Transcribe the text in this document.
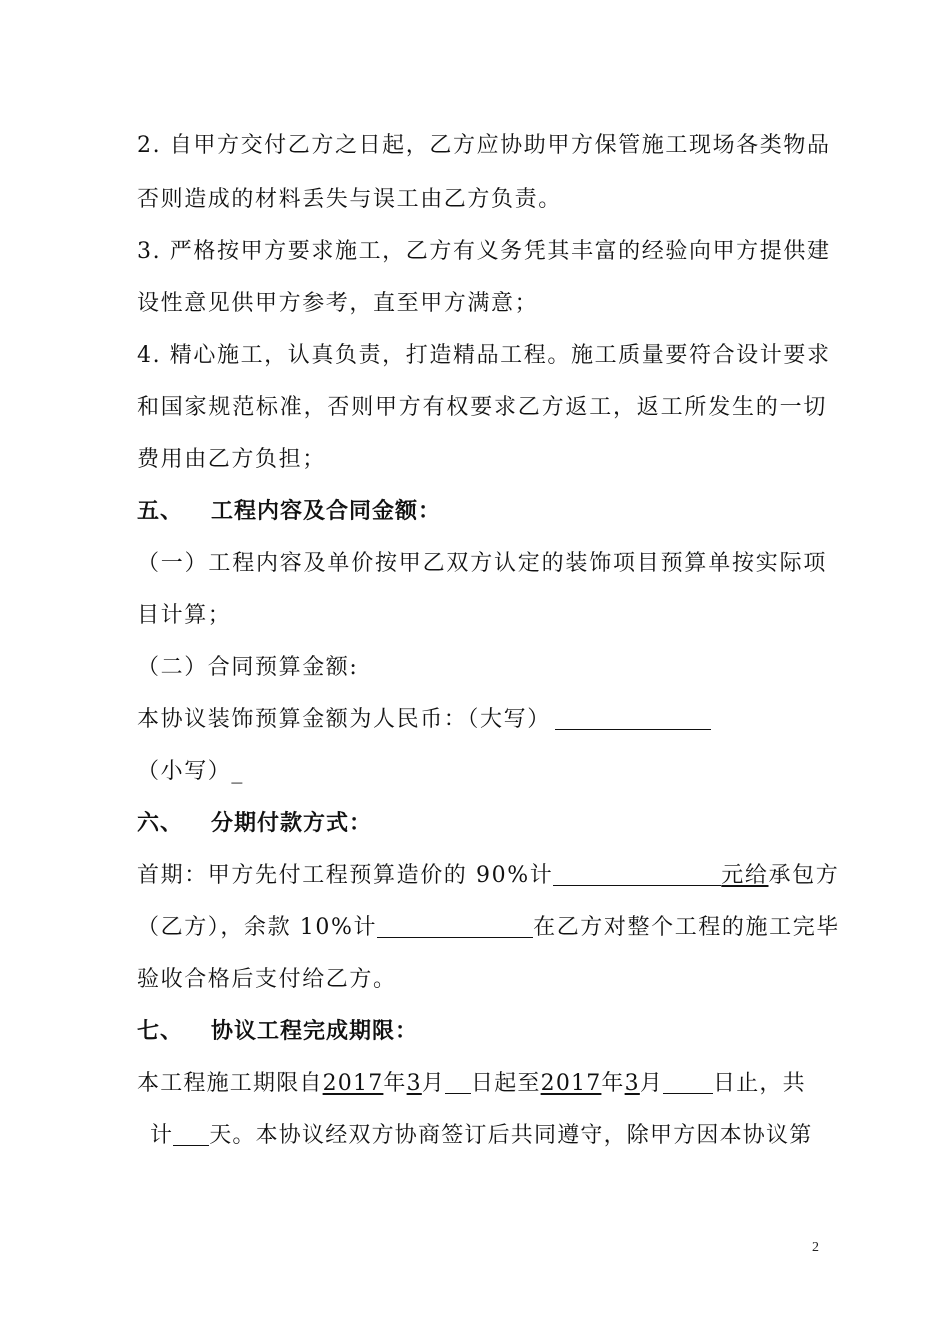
2. 自甲方交付乙方之日起，乙方应协助甲方保管施工现场各类物品
否则造成的材料丢失与误工由乙方负责。
3. 严格按甲方要求施工，乙方有义务凭其丰富的经验向甲方提供建
设性意见供甲方参考，直至甲方满意；
4. 精心施工，认真负责，打造精品工程。施工质量要符合设计要求
和国家规范标准，否则甲方有权要求乙方返工，返工所发生的一切
费用由乙方负担；
五、 工程内容及合同金额：
（一）工程内容及单价按甲乙双方认定的装饰项目预算单按实际项
目计算；
（二）合同预算金额:
本协议装饰预算金额为人民币：（大写）
（小写）_
六、 分期付款方式：
首期：甲方先付工程预算造价的 90%计	元给承包方
（乙方），余款 10%计	在乙方对整个工程的施工完毕
验收合格后支付给乙方。
七、 协议工程完成期限：
本工程施工期限自2017年3月 日起至2017年3月 日止，共
计 天。本协议经双方协商签订后共同遵守，除甲方因本协议第
2
